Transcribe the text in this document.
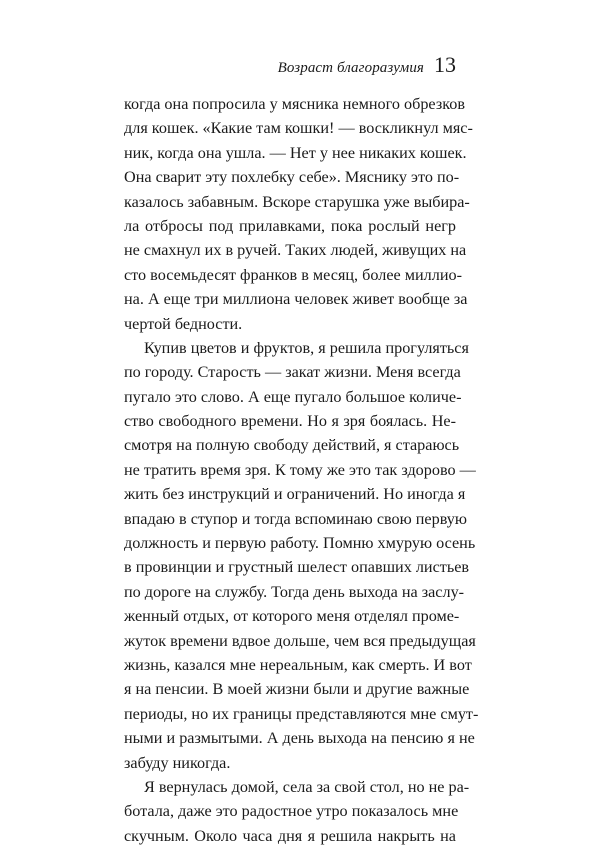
Возраст благоразумия 13

когда она попросила у мясника немного обрезков
для кошек. «Какие там кошки! — воскликнул мяс-
ник, когда она ушла. — Нет у нее никаких кошек.
Она сварит эту похлебку себе». Мяснику это по-
казалось забавным. Вскоре старушка уже выбира-
ла отбросы под прилавками, пока рослый негр
не смахнул их в ручей. Таких людей, живущих на
сто восемьдесят франков в месяц, более миллио-
на. А еще три миллиона человек живет вообще за
чертой бедности.

Купив цветов и фруктов, я решила прогуляться
по городу. Старость — закат жизни. Меня всегда
пугало это слово. А еще пугало большое количе-
ство свободного времени. Но я зря боялась. Не-
смотря на полную свободу действий, я стараюсь
не тратить время зря. К тому же это так здорово —
жить без инструкций и ограничений. Но иногда я
впадаю в ступор и тогда вспоминаю свою первую
должность и первую работу. Помню хмурую осень
в провинции и грустный шелест опавших листьев
по дороге на службу. Тогда день выхода на заслу-
женный отдых, от которого меня отделял проме-
жуток времени вдвое дольше, чем вся предыдущая
жизнь, казался мне нереальным, как смерть. И вот
я на пенсии. В моей жизни были и другие важные
периоды, но их границы представляются мне смут-
ными и размытыми. А день выхода на пенсию я не
забуду никогда.

Я вернулась домой, села за свой стол, но не ра-
ботала, даже это радостное утро показалось мне
скучным. Около часа дня я решила накрыть на
